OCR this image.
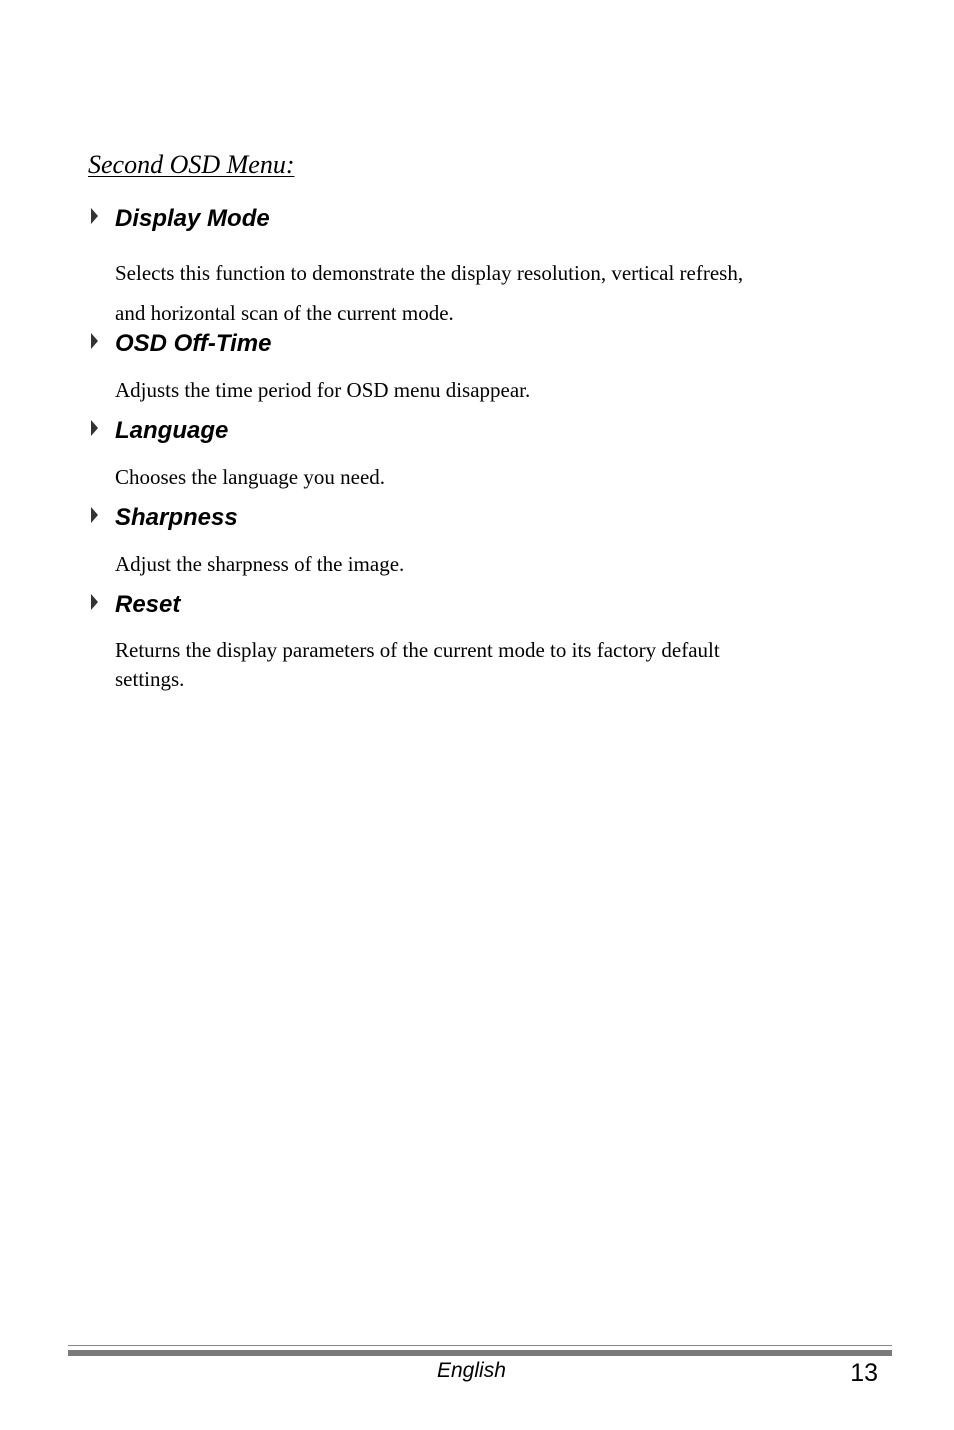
Second OSD Menu:
Display Mode
Selects this function to demonstrate the display resolution, vertical refresh,
and horizontal scan of the current mode.
OSD Off-Time
Adjusts the time period for OSD menu disappear.
Language
Chooses the language you need.
Sharpness
Adjust the sharpness of the image.
Reset
Returns the display parameters of the current mode to its factory default
settings.
English	13
